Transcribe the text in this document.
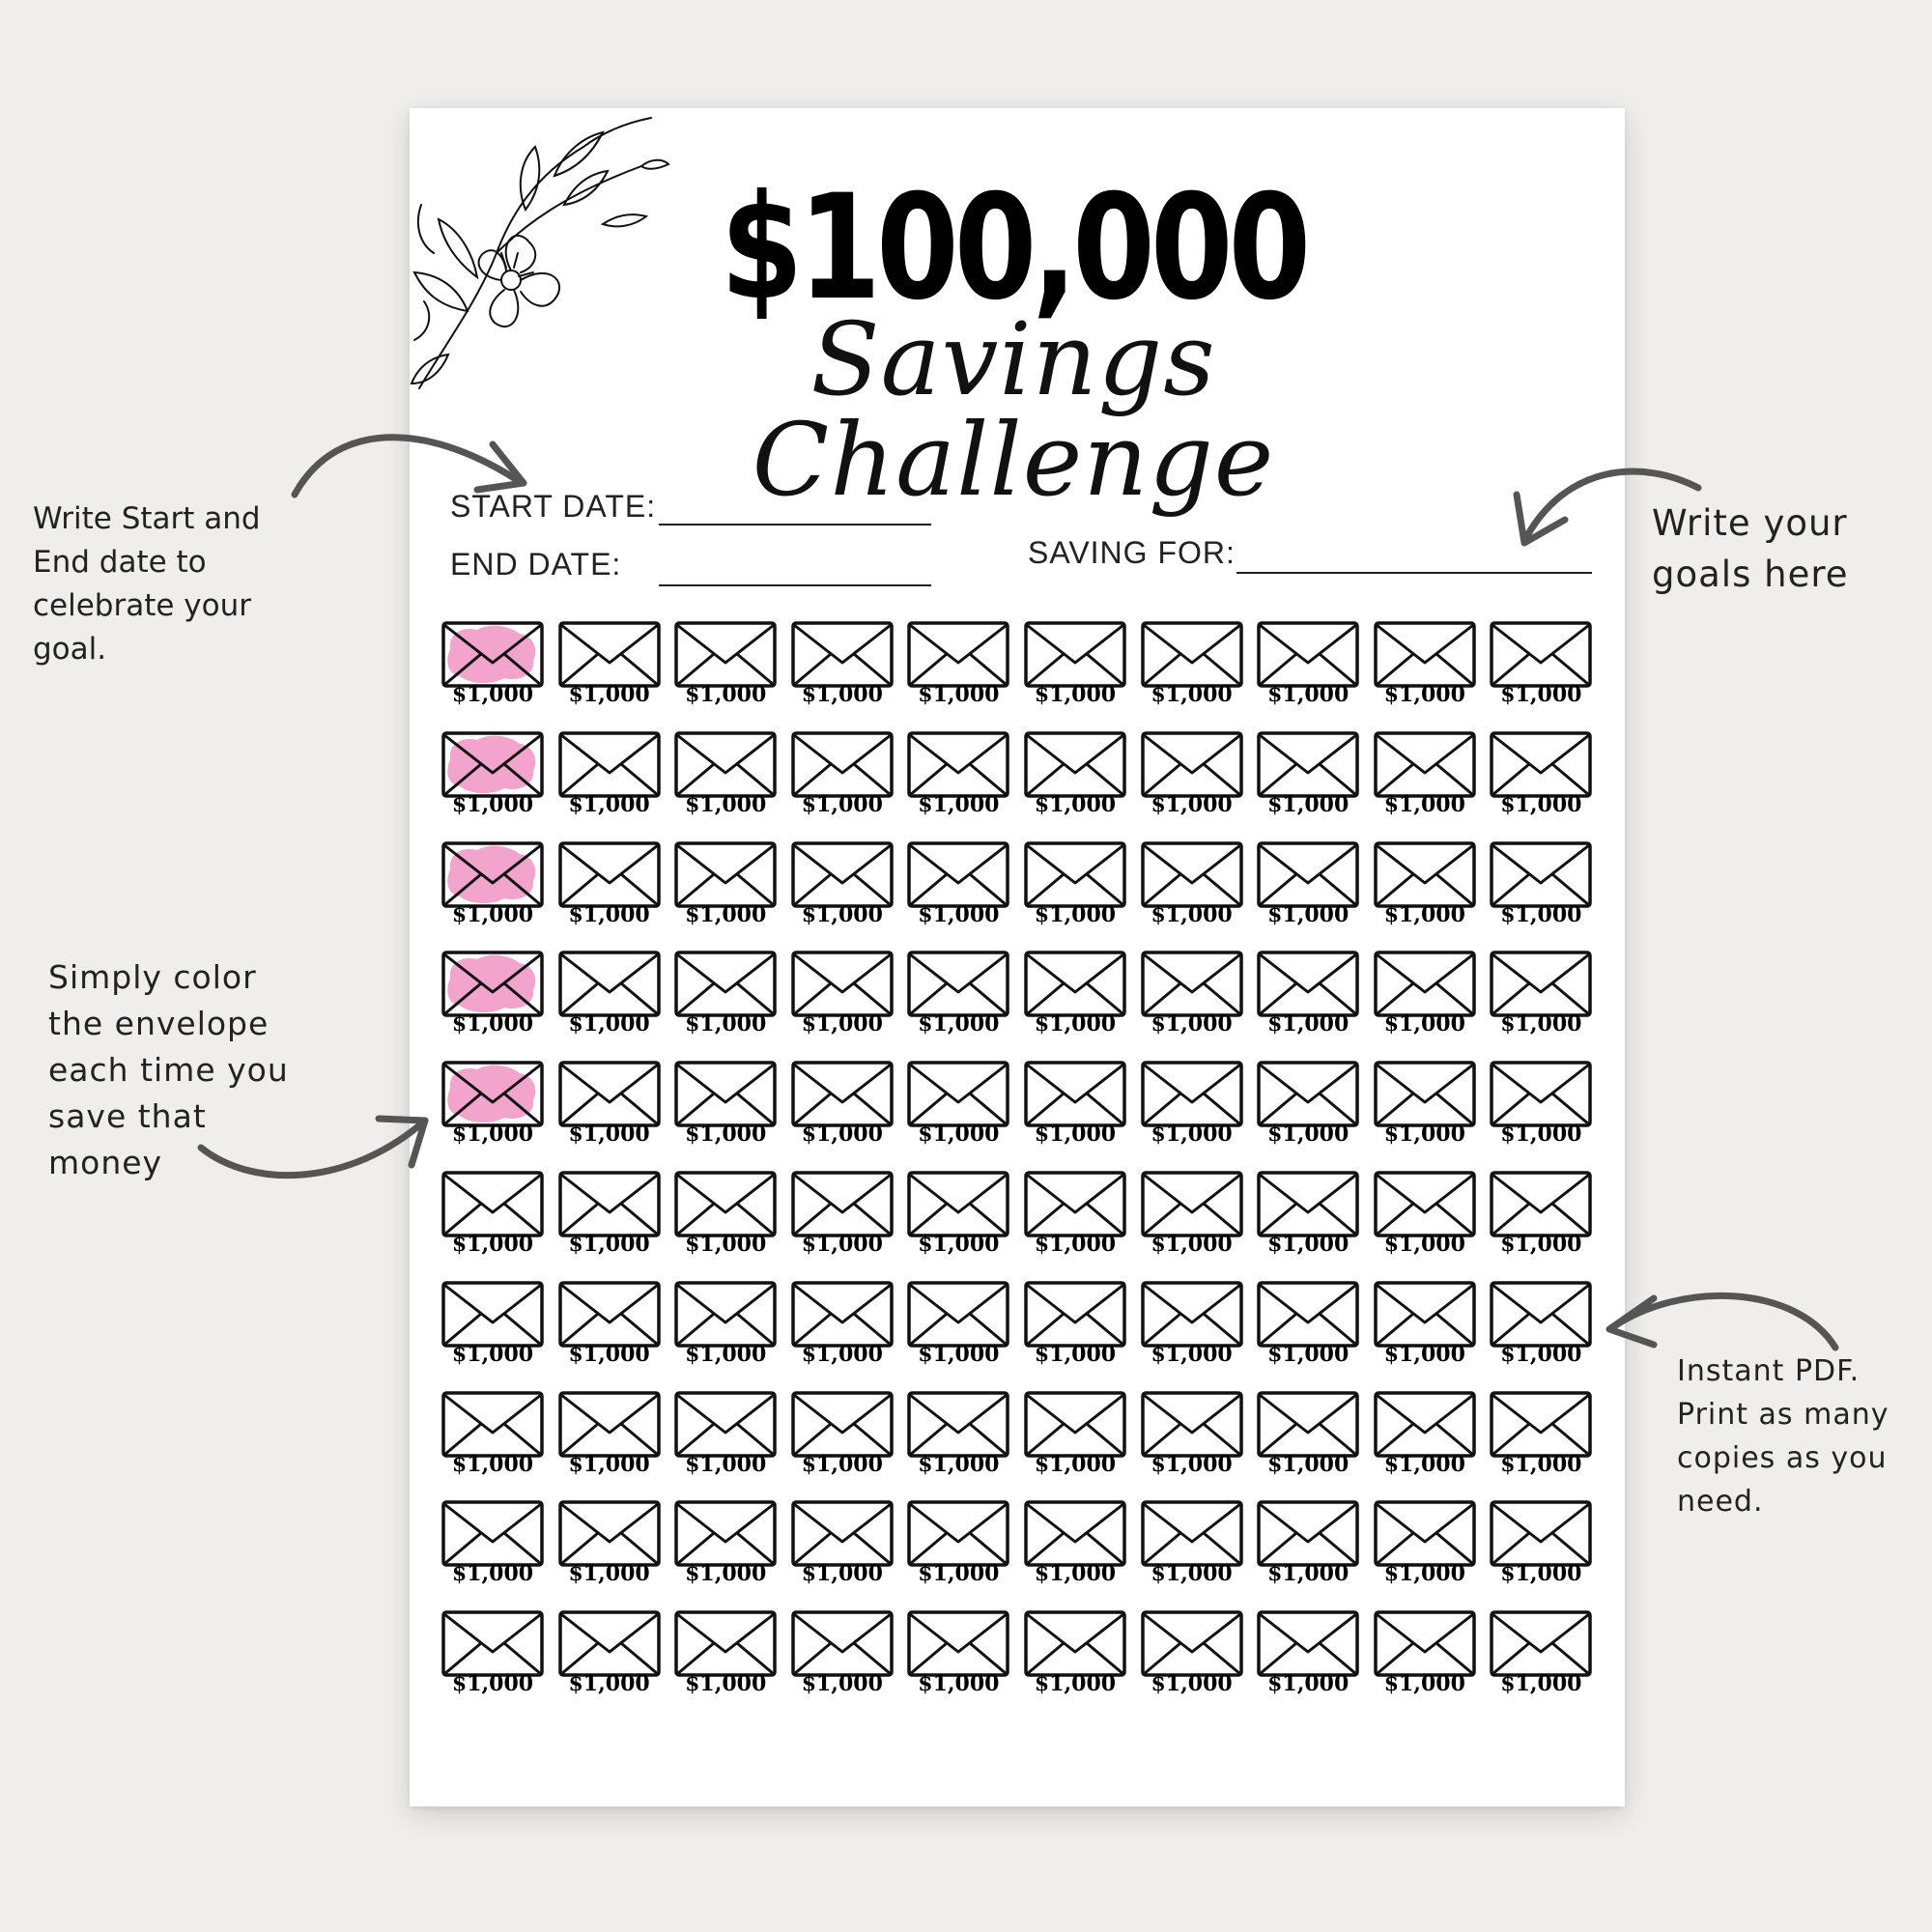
$100,000
Savings Challenge
START DATE:
END DATE:	SAVING FOR:
$1,000	$1,000	$1,000	$1,000	$1,000	$1,000	$1,000	$1,000	$1,000	$1,000
$1,000	$1,000	$1,000	$1,000	$1,000	$1,000	$1,000	$1,000	$1,000	$1,000
$1,000	$1,000	$1,000	$1,000	$1,000	$1,000	$1,000	$1,000	$1,000	$1,000
$1,000	$1,000	$1,000	$1,000	$1,000	$1,000	$1,000	$1,000	$1,000	$1,000
$1,000	$1,000	$1,000	$1,000	$1,000	$1,000	$1,000	$1,000	$1,000	$1,000
$1,000	$1,000	$1,000	$1,000	$1,000	$1,000	$1,000	$1,000	$1,000	$1,000
$1,000	$1,000	$1,000	$1,000	$1,000	$1,000	$1,000	$1,000	$1,000	$1,000
$1,000	$1,000	$1,000	$1,000	$1,000	$1,000	$1,000	$1,000	$1,000	$1,000
$1,000	$1,000	$1,000	$1,000	$1,000	$1,000	$1,000	$1,000	$1,000	$1,000
$1,000	$1,000	$1,000	$1,000	$1,000	$1,000	$1,000	$1,000	$1,000	$1,000
Write Start and
End date to
celebrate your
goal.
Simply color
the envelope
each time you
save that
money
Write your
goals here
Instant PDF.
Print as many
copies as you
need.
